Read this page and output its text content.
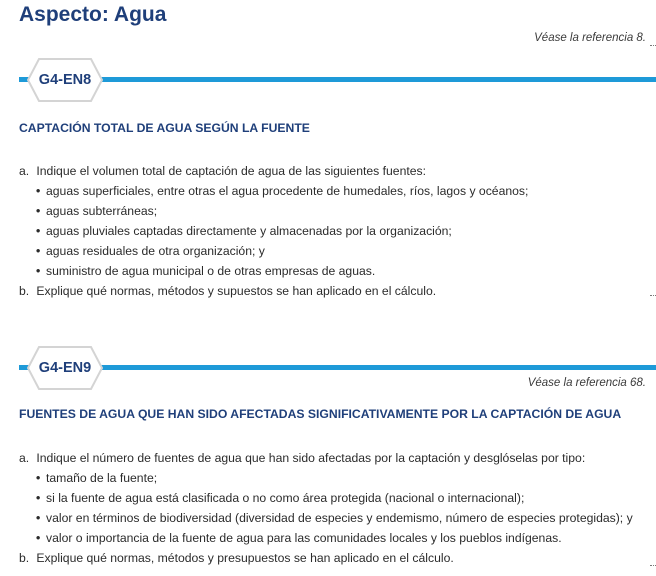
Aspecto: Agua
Véase la referencia 8.
G4-EN8
CAPTACIÓN TOTAL DE AGUA SEGÚN LA FUENTE
a. Indique el volumen total de captación de agua de las siguientes fuentes:
• aguas superficiales, entre otras el agua procedente de humedales, ríos, lagos y océanos;
• aguas subterráneas;
• aguas pluviales captadas directamente y almacenadas por la organización;
• aguas residuales de otra organización; y
• suministro de agua municipal o de otras empresas de aguas.
b. Explique qué normas, métodos y supuestos se han aplicado en el cálculo.
G4-EN9
Véase la referencia 68.
FUENTES DE AGUA QUE HAN SIDO AFECTADAS SIGNIFICATIVAMENTE POR LA CAPTACIÓN DE AGUA
a. Indique el número de fuentes de agua que han sido afectadas por la captación y desglóselas por tipo:
• tamaño de la fuente;
• si la fuente de agua está clasificada o no como área protegida (nacional o internacional);
• valor en términos de biodiversidad (diversidad de especies y endemismo, número de especies protegidas); y
• valor o importancia de la fuente de agua para las comunidades locales y los pueblos indígenas.
b. Explique qué normas, métodos y presupuestos se han aplicado en el cálculo.
